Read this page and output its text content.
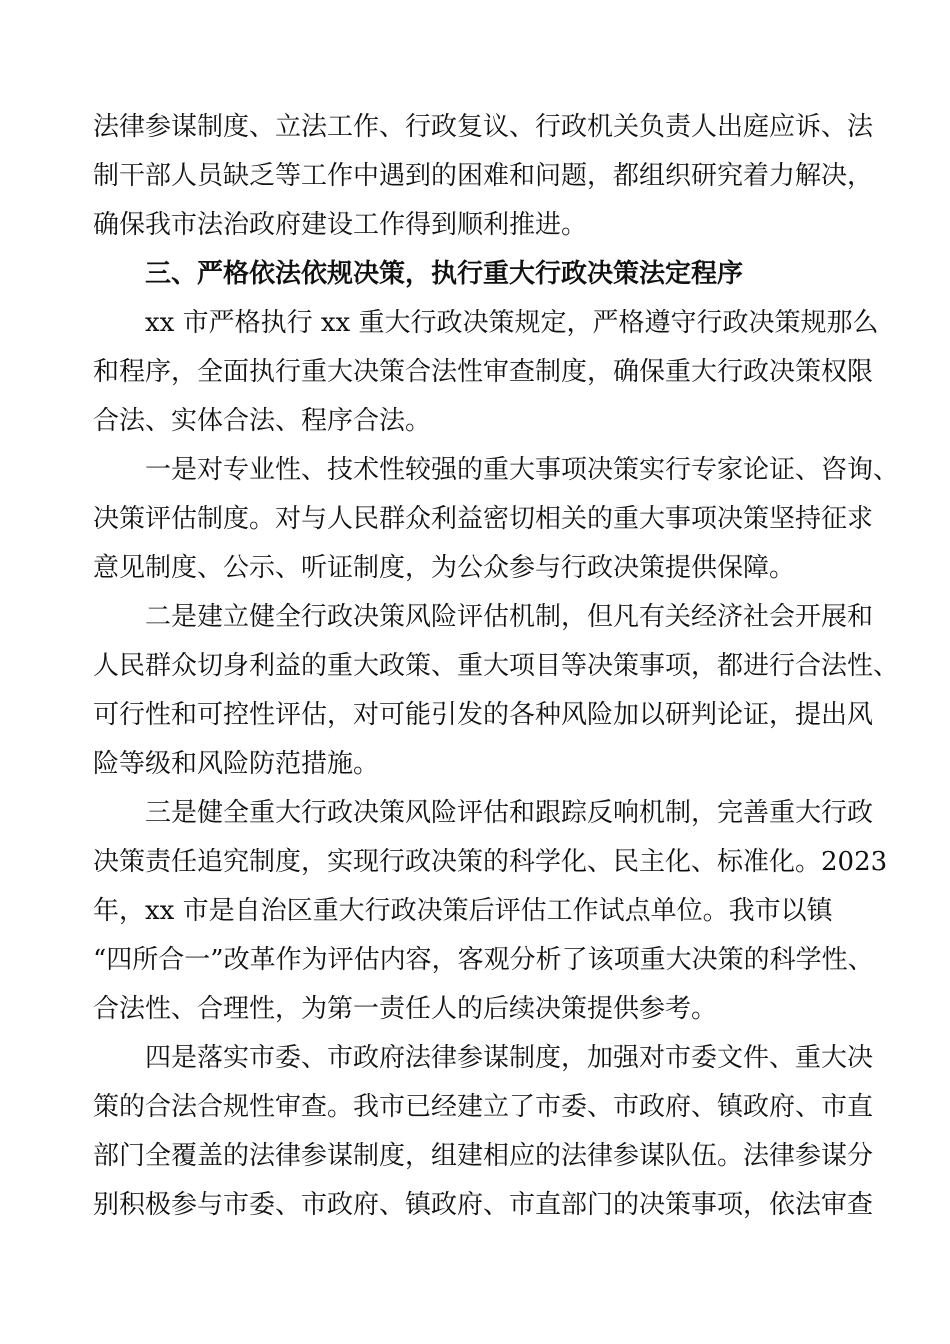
法律参谋制度、立法工作、行政复议、行政机关负责人出庭应诉、法
制干部人员缺乏等工作中遇到的困难和问题，都组织研究着力解决，
确保我市法治政府建设工作得到顺利推进。
三、严格依法依规决策，执行重大行政决策法定程序
xx 市严格执行 xx 重大行政决策规定，严格遵守行政决策规那么
和程序，全面执行重大决策合法性审查制度，确保重大行政决策权限
合法、实体合法、程序合法。
一是对专业性、技术性较强的重大事项决策实行专家论证、咨询、
决策评估制度。对与人民群众利益密切相关的重大事项决策坚持征求
意见制度、公示、听证制度，为公众参与行政决策提供保障。
二是建立健全行政决策风险评估机制，但凡有关经济社会开展和
人民群众切身利益的重大政策、重大项目等决策事项，都进行合法性、
可行性和可控性评估，对可能引发的各种风险加以研判论证，提出风
险等级和风险防范措施。
三是健全重大行政决策风险评估和跟踪反响机制，完善重大行政
决策责任追究制度，实现行政决策的科学化、民主化、标准化。2023
年，xx 市是自治区重大行政决策后评估工作试点单位。我市以镇
“四所合一”改革作为评估内容，客观分析了该项重大决策的科学性、
合法性、合理性，为第一责任人的后续决策提供参考。
四是落实市委、市政府法律参谋制度，加强对市委文件、重大决
策的合法合规性审查。我市已经建立了市委、市政府、镇政府、市直
部门全覆盖的法律参谋制度，组建相应的法律参谋队伍。法律参谋分
别积极参与市委、市政府、镇政府、市直部门的决策事项，依法审查
